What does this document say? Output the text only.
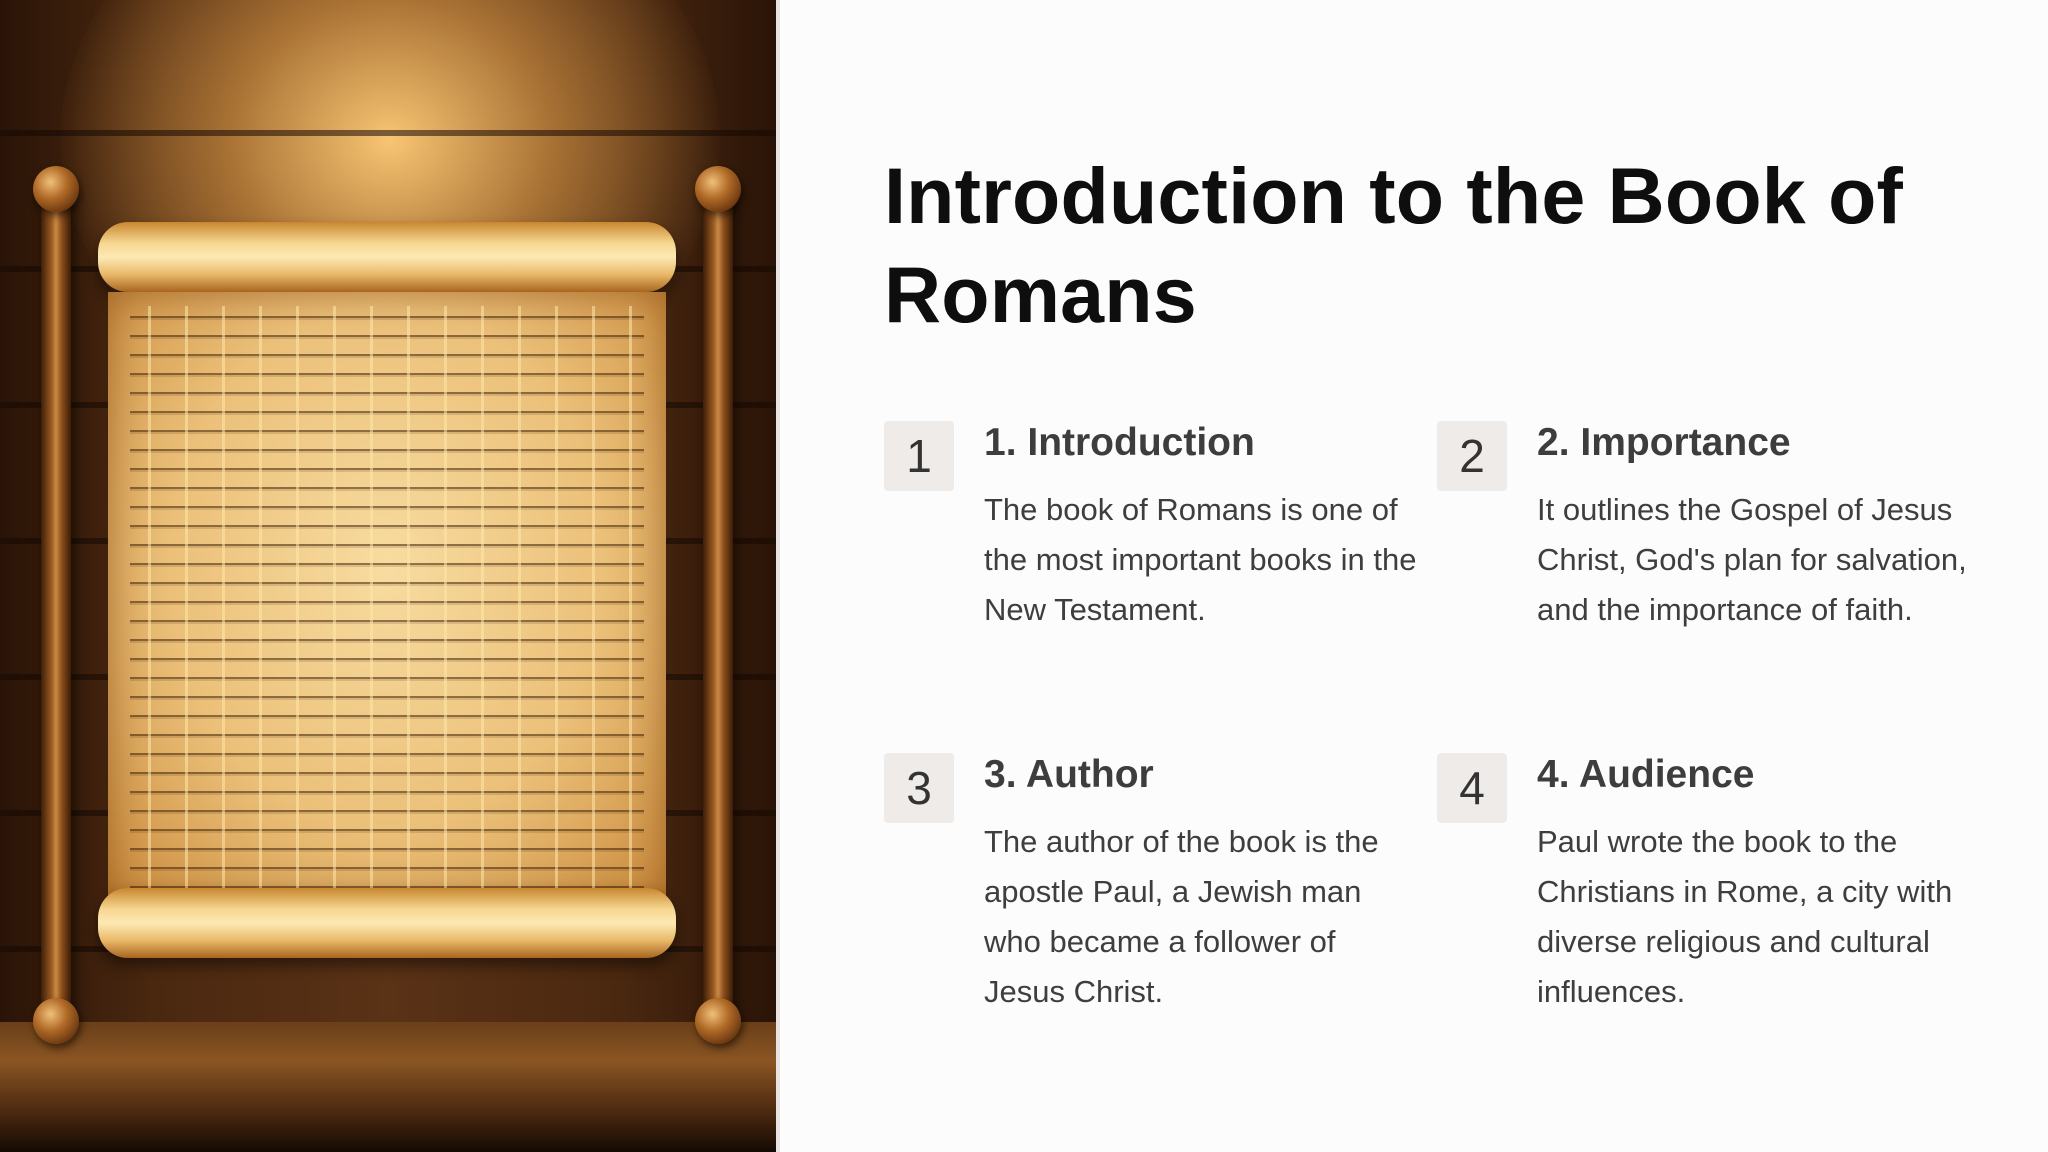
Introduction to the Book of Romans
1	1. Introduction

The book of Romans is one of the most important books in the New Testament.

2	2. Importance

It outlines the Gospel of Jesus Christ, God's plan for salvation, and the importance of faith.

3	3. Author

The author of the book is the apostle Paul, a Jewish man who became a follower of Jesus Christ.

4	4. Audience

Paul wrote the book to the Christians in Rome, a city with diverse religious and cultural influences.
